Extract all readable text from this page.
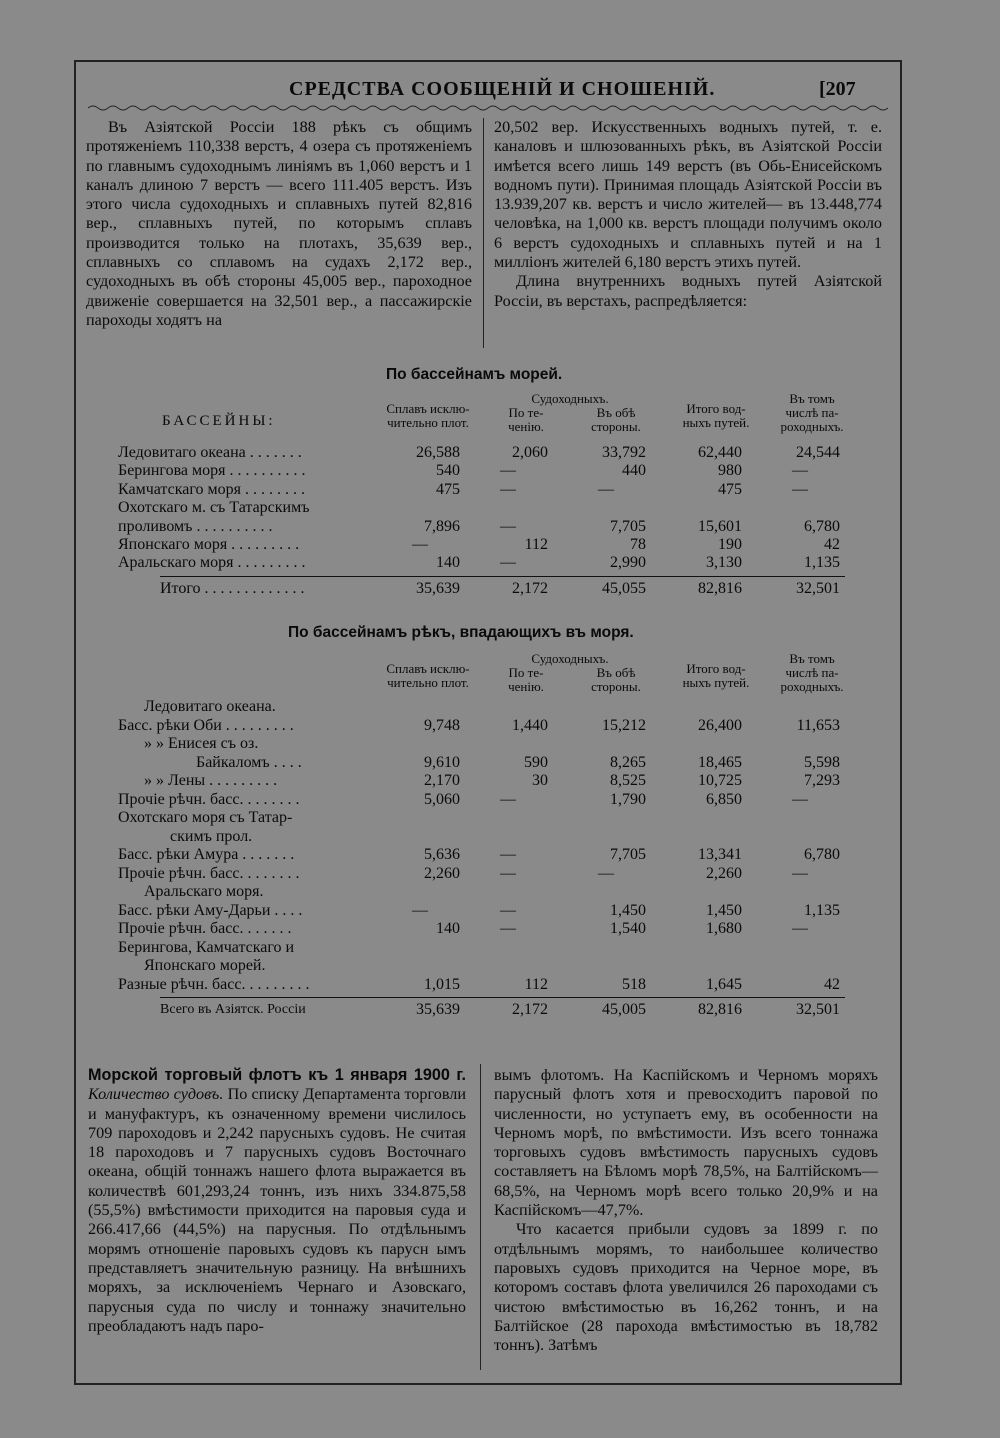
СРЕДСТВА СООБЩЕНІЙ И СНОШЕНІЙ.	[207

Въ Азіятской Россіи 188 рѣкъ съ общимъ протяженіемъ 110,338 верстъ, 4 озера съ протяженіемъ по главнымъ судоходнымъ линіямъ въ 1,060 верстъ и 1 каналъ длиною 7 верстъ — всего 111.405 верстъ. Изъ этого числа судоходныхъ и сплавныхъ путей 82,816 вер., сплавныхъ путей, по которымъ сплавъ производится только на плотахъ, 35,639 вер., сплавныхъ со сплавомъ на судахъ 2,172 вер., судоходныхъ въ обѣ стороны 45,005 вер., пароходное движеніе совершается на 32,501 вер., а пассажирскіе пароходы ходятъ на

20,502 вер. Искусственныхъ водныхъ путей, т. е. каналовъ и шлюзованныхъ рѣкъ, въ Азіятской Россіи имѣется всего лишь 149 верстъ (въ Обь-Енисейскомъ водномъ пути). Принимая площадь Азіятской Россіи въ 13.939,207 кв. верстъ и число жителей— въ 13.448,774 человѣка, на 1,000 кв. верстъ площади получимъ около 6 верстъ судоходныхъ и сплавныхъ путей и на 1 милліонъ жителей 6,180 верстъ этихъ путей.

Длина внутреннихъ водныхъ путей Азіятской Россіи, въ верстахъ, распредѣляется:

По бассейнамъ морей.
БАССЕЙНЫ:
Сплавъ исклю-
чительно плот.
Судоходныхъ.
По те-
ченію.
Въ обѣ
стороны.
Итого вод-
ныхъ путей.
Въ томъ
числѣ па-
роходныхъ.
Ледовитаго океана . . . . . . .	26,588	2,060	33,792	62,440	24,544
Берингова моря . . . . . . . . . .	540	—	440	980	—
Камчатскаго моря . . . . . . . .	475	—	—	475	—
Охотскаго м. съ Татарскимъ
проливомъ . . . . . . . . . .	7,896	—	7,705	15,601	6,780
Японскаго моря . . . . . . . . .	—	112	78	190	42
Аральскаго моря . . . . . . . . .	140	—	2,990	3,130	1,135
Итого . . . . . . . . . . . . .	35,639	2,172	45,055	82,816	32,501
По бассейнамъ рѣкъ, впадающихъ въ моря.
Сплавъ исклю-
чительно плот.
Судоходныхъ.
По те-
ченію.
Въ обѣ
стороны.
Итого вод-
ныхъ путей.
Въ томъ
числѣ па-
роходныхъ.
Ледовитаго океана.
Басс. рѣки Оби . . . . . . . . .	9,748	1,440	15,212	26,400	11,653
» » Енисея съ оз.
Байкаломъ . . . .	9,610	590	8,265	18,465	5,598
» » Лены . . . . . . . . .	2,170	30	8,525	10,725	7,293
Прочіе рѣчн. басс. . . . . . . .	5,060	—	1,790	6,850	—
Охотскаго моря съ Татар-
скимъ прол.
Басс. рѣки Амура . . . . . . .	5,636	—	7,705	13,341	6,780
Прочіе рѣчн. басс. . . . . . . .	2,260	—	—	2,260	—
Аральскаго моря.
Басс. рѣки Аму-Дарьи . . . .	—	—	1,450	1,450	1,135
Прочіе рѣчн. басс. . . . . . .	140	—	1,540	1,680	—
Берингова, Камчатскаго и
Японскаго морей.
Разные рѣчн. басс. . . . . . . . .	1,015	112	518	1,645	42
Всего въ Азіятск. Россіи	35,639	2,172	45,005	82,816	32,501

Морской торговый флотъ къ 1 января 1900 г. Количество судовъ. По списку Департамента торговли и мануфактуръ, къ означенному времени числилось 709 пароходовъ и 2,242 парусныхъ судовъ. Не считая 18 пароходовъ и 7 парусныхъ судовъ Восточнаго океана, общій тоннажъ нашего флота выражается въ количествѣ 601,293,24 тоннъ, изъ нихъ 334.875,58 (55,5%) вмѣстимости приходится на паровыя суда и 266.417,66 (44,5%) на парусныя. По отдѣльнымъ морямъ отношеніе паровыхъ судовъ къ парусн ымъ представляетъ значительную разницу. На внѣшнихъ моряхъ, за исключеніемъ Чернаго и Азовскаго, парусныя суда по числу и тоннажу значительно преобладаютъ надъ паро-

вымъ флотомъ. На Каспійскомъ и Черномъ моряхъ парусный флотъ хотя и превосходитъ паровой по численности, но уступаетъ ему, въ особенности на Черномъ морѣ, по вмѣстимости. Изъ всего тоннажа торговыхъ судовъ вмѣстимость парусныхъ судовъ составляетъ на Бѣломъ морѣ 78,5%, на Балтійскомъ—68,5%, на Черномъ морѣ всего только 20,9% и на Каспійскомъ—47,7%.

Что касается прибыли судовъ за 1899 г. по отдѣльнымъ морямъ, то наибольшее количество паровыхъ судовъ приходится на Черное море, въ которомъ составъ флота увеличился 26 пароходами съ чистою вмѣстимостью въ 16,262 тоннъ, и на Балтійское (28 парохода вмѣстимостью въ 18,782 тоннъ). Затѣмъ
